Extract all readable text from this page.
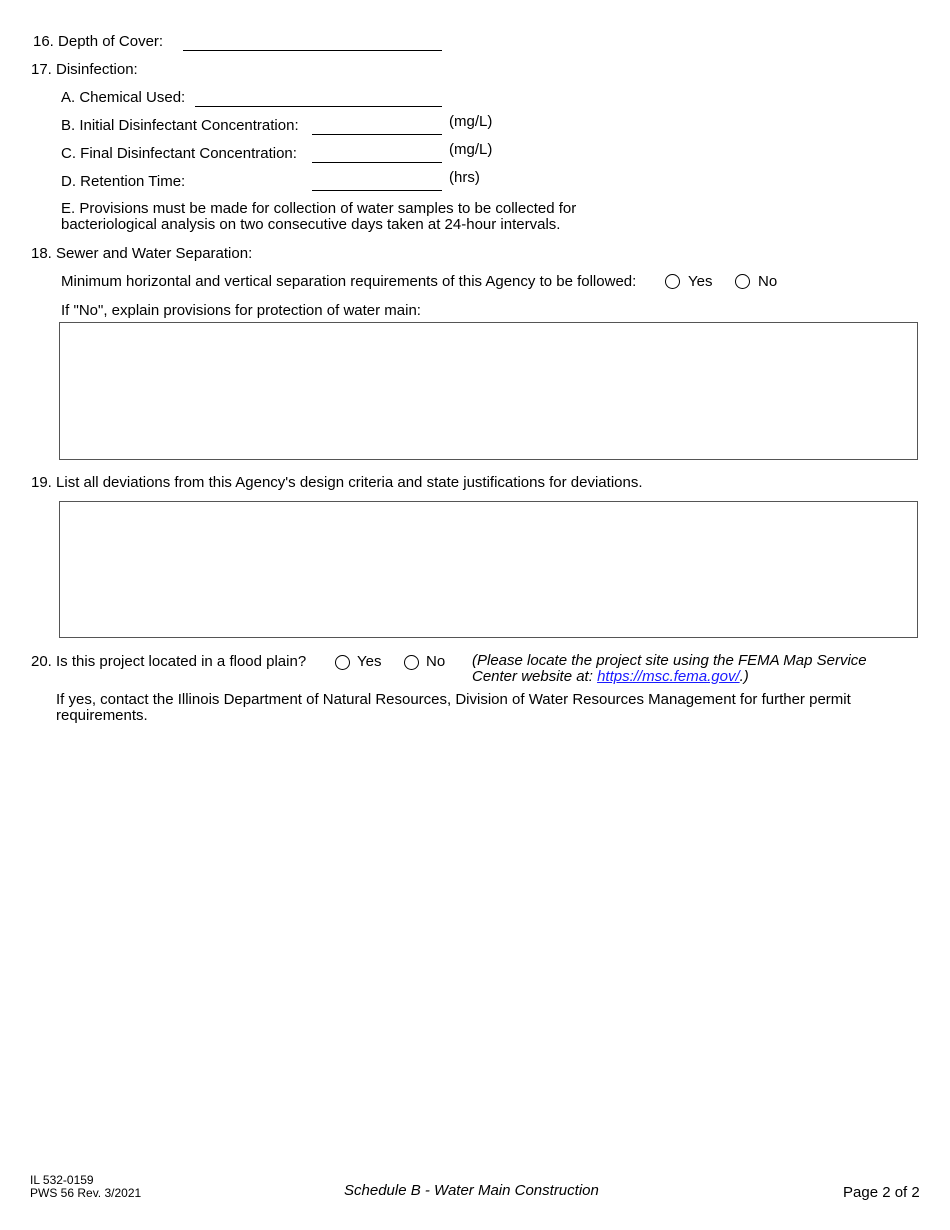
16. Depth of Cover:
17. Disinfection:
A. Chemical Used:
B. Initial Disinfectant Concentration:	(mg/L)
C. Final Disinfectant Concentration:	(mg/L)
D. Retention Time:	(hrs)
E. Provisions must be made for collection of water samples to be collected for
bacteriological analysis on two consecutive days taken at 24-hour intervals.
18. Sewer and Water Separation:
Minimum horizontal and vertical separation requirements of this Agency to be followed:	Yes	No
If "No", explain provisions for protection of water main:
19. List all deviations from this Agency's design criteria and state justifications for deviations.
20. Is this project located in a flood plain?	Yes	No (Please locate the project site using the FEMA Map Service
Center website at: https://msc.fema.gov/.)
If yes, contact the Illinois Department of Natural Resources, Division of Water Resources Management for further permit
requirements.
IL 532-0159
PWS 56 Rev. 3/2021	Schedule B - Water Main Construction	Page 2 of 2
